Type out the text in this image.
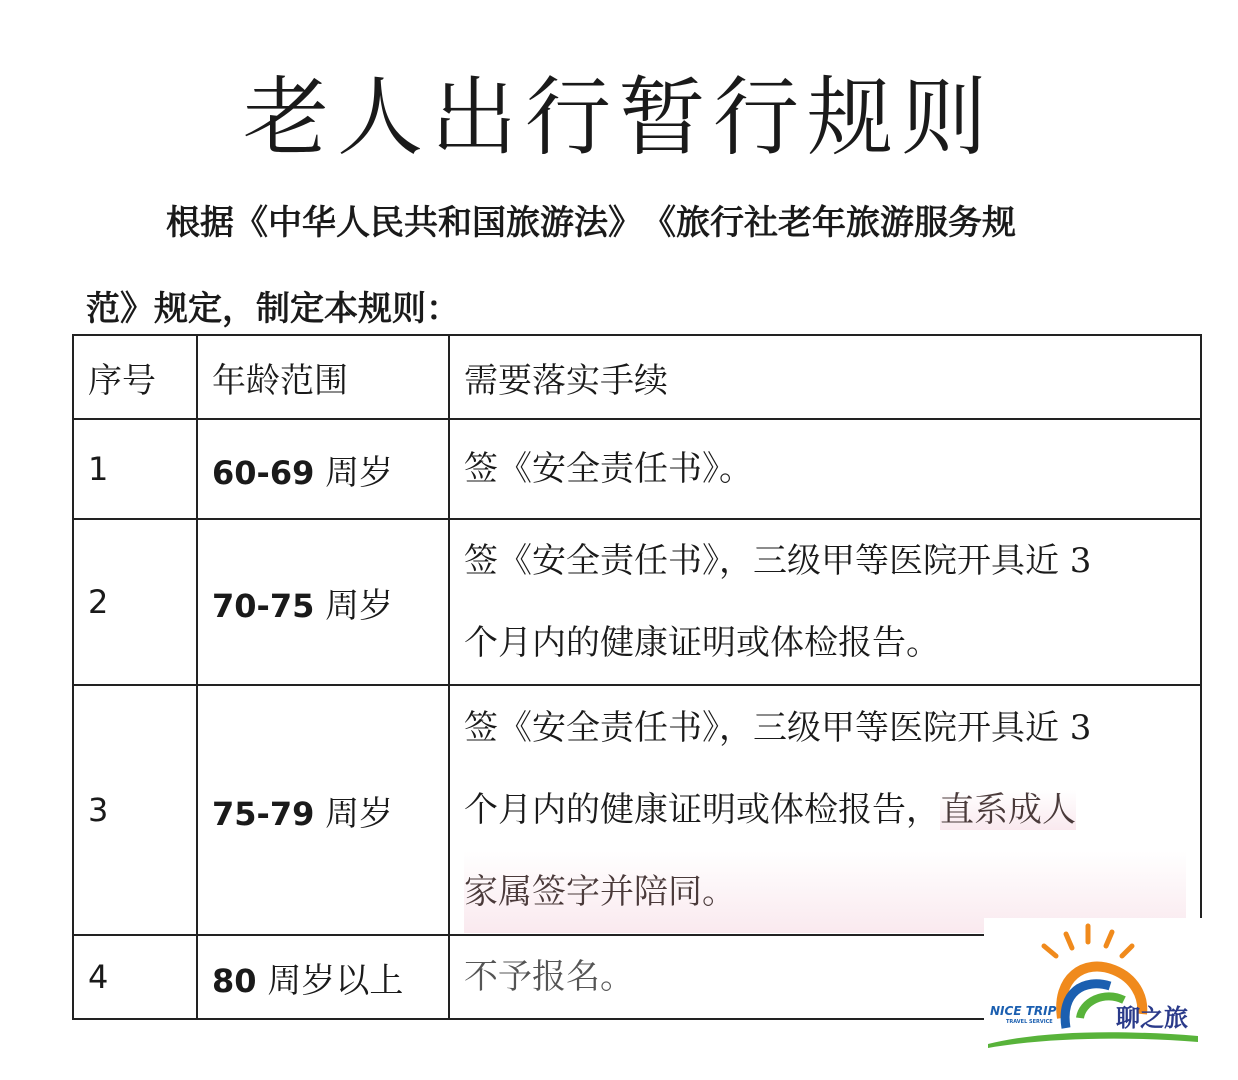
老人出行暂行规则
根据《中华人民共和国旅游法》　《旅行社老年旅游服务规
范》规定，制定本规则：
序号	年龄范围	需要落实手续
1	60-69 周岁	签《安全责任书》。

2	70-75 周岁	签《安全责任书》，三级甲等医院开具近 3
个月内的健康证明或体检报告。

3	75-79 周岁	签《安全责任书》，三级甲等医院开具近 3
个月内的健康证明或体检报告，直系成人
家属签字并陪同。

4	80 周岁以上	不予报名。
NICE TRIP
TRAVEL SERVICE	聊之旅
